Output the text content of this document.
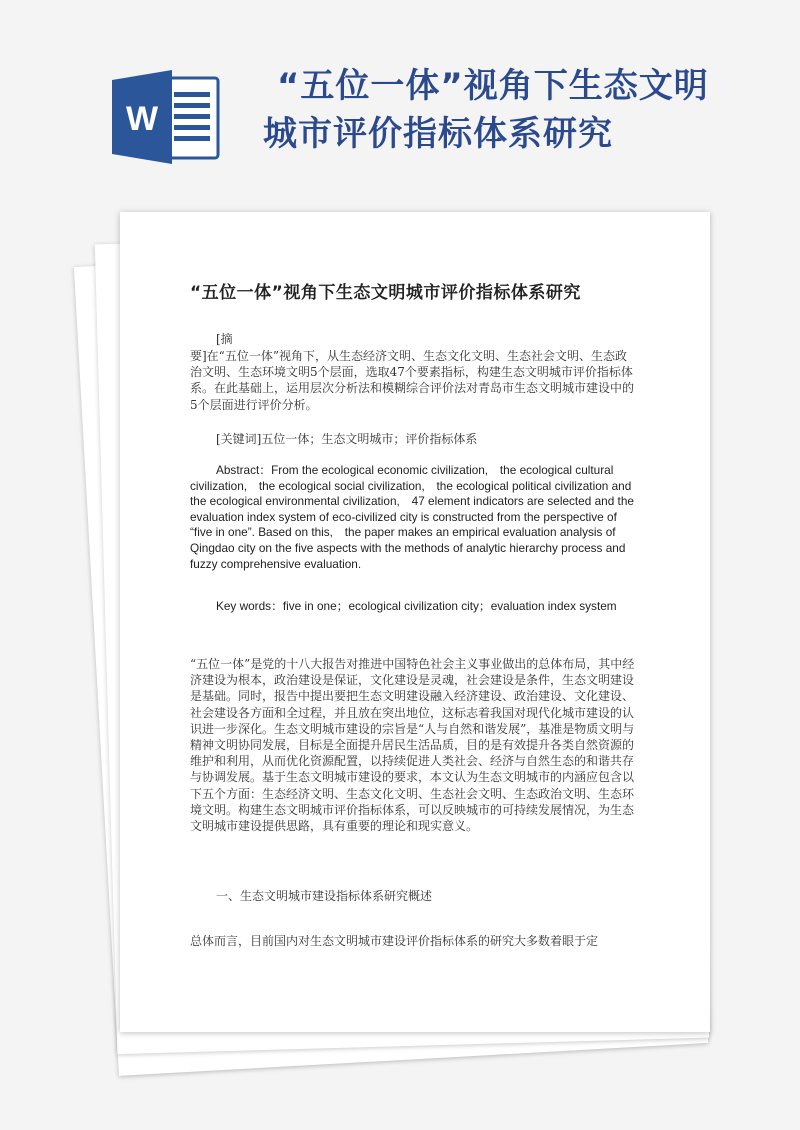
W
“五位一体”视角下生态文明
城市评价指标体系研究
“五位一体”视角下生态文明城市评价指标体系研究
[摘
要]在“五位一体”视角下，从生态经济文明、生态文化文明、生态社会文明、生态政治文明、生态环境文明5个层面，选取47个要素指标，构建生态文明城市评价指标体系。在此基础上，运用层次分析法和模糊综合评价法对青岛市生态文明城市建设中的5个层面进行评价分析。
[关键词]五位一体；生态文明城市；评价指标体系
Abstract：From the ecological economic civilization,　the ecological cultural civilization,　the ecological social civilization,　the ecological political civilization and the ecological environmental civilization,　47 element indicators are selected and the evaluation index system of eco-civilized city is constructed from the perspective of “five in one”. Based on this,　the paper makes an empirical evaluation analysis of Qingdao city on the five aspects with the methods of analytic hierarchy process and fuzzy comprehensive evaluation.
Key words：five in one；ecological civilization city；evaluation index system
“五位一体”是党的十八大报告对推进中国特色社会主义事业做出的总体布局，其中经济建设为根本，政治建设是保证，文化建设是灵魂，社会建设是条件，生态文明建设是基础。同时，报告中提出要把生态文明建设融入经济建设、政治建设、文化建设、社会建设各方面和全过程，并且放在突出地位，这标志着我国对现代化城市建设的认识进一步深化。生态文明城市建设的宗旨是“人与自然和谐发展”，基准是物质文明与精神文明协同发展，目标是全面提升居民生活品质，目的是有效提升各类自然资源的维护和利用，从而优化资源配置，以持续促进人类社会、经济与自然生态的和谐共存与协调发展。基于生态文明城市建设的要求，本文认为生态文明城市的内涵应包含以下五个方面：生态经济文明、生态文化文明、生态社会文明、生态政治文明、生态环境文明。构建生态文明城市评价指标体系，可以反映城市的可持续发展情况，为生态文明城市建设提供思路，具有重要的理论和现实意义。
一、生态文明城市建设指标体系研究概述
总体而言，目前国内对生态文明城市建设评价指标体系的研究大多数着眼于定
